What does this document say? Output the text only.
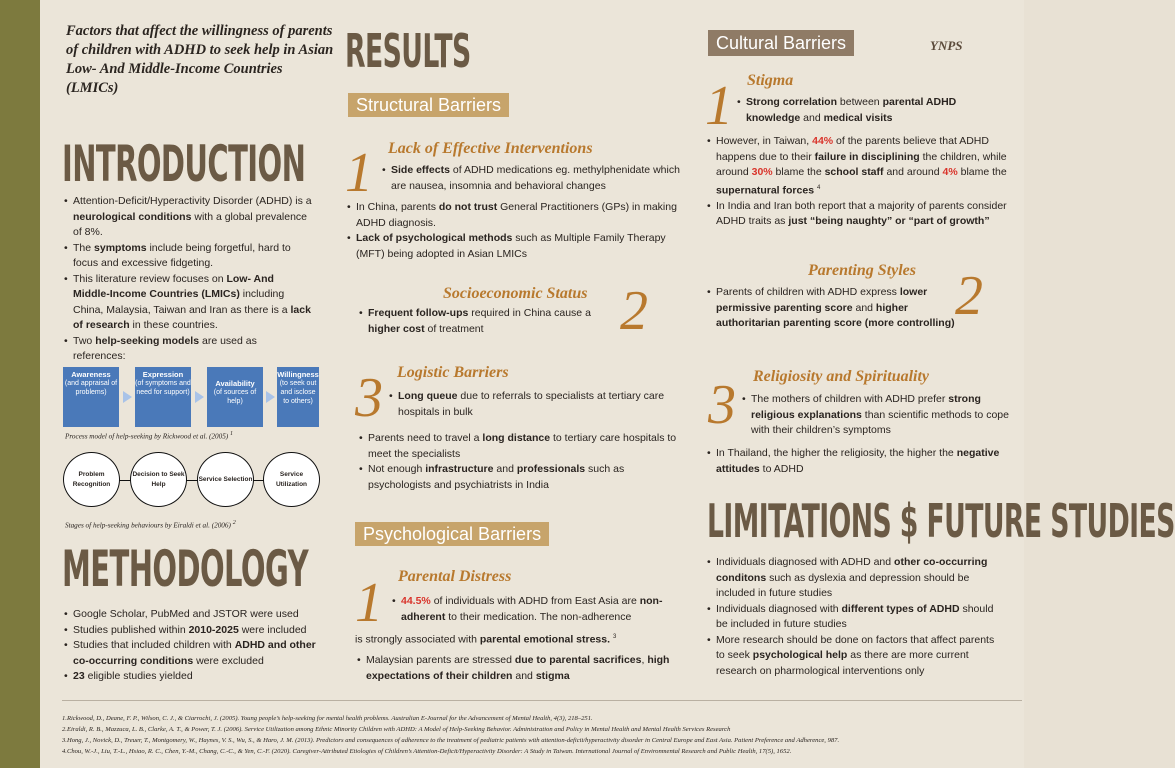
Factors that affect the willingness of parents of children with ADHD to seek help in Asian Low- And Middle-Income Countries (LMICs)
INTRODUCTION
• Attention-Deficit/Hyperactivity Disorder (ADHD) is a neurological conditions with a global prevalence of 8%.
• The symptoms include being forgetful, hard to focus and excessive fidgeting.
• This literature review focuses on Low- And Middle-Income Countries (LMICs) including China, Malaysia, Taiwan and Iran as there is a lack of research in these countries.
• Two help-seeking models are used as references:
Awareness
(and appraisal of problems)
Expression
(of symptoms and need for support)
Availability
(of sources of help)
Willingness
(to seek out and isclose to others)
Process model of help-seeking by Rickwood et al. (2005) $^1$
Problem Recognition
Decision to Seek Help
Service Selection
Service Utilization
Stages of help-seeking behaviours by Eiraldi et al. (2006) $^2$
METHODOLOGY
• Google Scholar, PubMed and JSTOR were used
• Studies published within 2010-2025 were included
• Studies that included children with ADHD and other co-occurring conditions were excluded
• 23 eligible studies yielded
RESULTS
Structural Barriers
1 Lack of Effective Interventions
• Side effects of ADHD medications eg. methylphenidate which are nausea, insomnia and behavioral changes
• In China, parents do not trust General Practitioners (GPs) in making ADHD diagnosis.
• Lack of psychological methods such as Multiple Family Therapy (MFT) being adopted in Asian LMICs
Socioeconomic Status 2
• Frequent follow-ups required in China cause a higher cost of treatment
3 Logistic Barriers
• Long queue due to referrals to specialists at tertiary care hospitals in bulk
• Parents need to travel a long distance to tertiary care hospitals to meet the specialists
• Not enough infrastructure and professionals such as psychologists and psychiatrists in India
Psychological Barriers
1 Parental Distress
• 44.5% of individuals with ADHD from East Asia are non-adherent to their medication. The non-adherence
is strongly associated with parental emotional stress. $^3$
• Malaysian parents are stressed due to parental sacrifices, high expectations of their children and stigma
Cultural Barriers	YNPS
1 Stigma
• Strong correlation between parental ADHD knowledge and medical visits
• However, in Taiwan, 44% of the parents believe that ADHD happens due to their failure in disciplining the children, while around 30% blame the school staff and around 4% blame the supernatural forces $^4$
• In India and Iran both report that a majority of parents consider ADHD traits as just “being naughty” or “part of growth”
Parenting Styles 2
• Parents of children with ADHD express lower permissive parenting score and higher authoritarian parenting score (more controlling)
3 Religiosity and Spirituality
• The mothers of children with ADHD prefer strong religious explanations than scientific methods to cope with their children’s symptoms
• In Thailand, the higher the religiosity, the higher the negative attitudes to ADHD
LIMITATIONS $ FUTURE STUDIES
• Individuals diagnosed with ADHD and other co-occurring conditons such as dyslexia and depression should be included in future studies
• Individuals diagnosed with different types of ADHD should be included in future studies
• More research should be done on factors that affect parents to seek psychological help as there are more current research on pharmological interventions only
1.Rickwood, D., Deane, F. P., Wilson, C. J., & Ciarrochi, J. (2005). Young people’s help-seeking for mental health problems. Australian E-Journal for the Advancement of Mental Health, 4(3), 218–251.
2.Eiraldi, R. B., Mazzuca, L. B., Clarke, A. T., & Power, T. J. (2006). Service Utilization among Ethnic Minority Children with ADHD: A Model of Help-Seeking Behavior. Administration and Policy in Mental Health and Mental Health Services Research
3.Hong, J., Novick, D., Treuer, T., Montgomery, W., Haynes, V. S., Wu, S., & Haro, J. M. (2013). Predictors and consequences of adherence to the treatment of pediatric patients with attention-deficit/hyperactivity disorder in Central Europe and East Asia. Patient Preference and Adherence, 987.
4.Chou, W.-J., Liu, T.-L., Hsiao, R. C., Chen, Y.-M., Chang, C.-C., & Yen, C.-F. (2020). Caregiver-Attributed Etiologies of Children’s Attention-Deficit/Hyperactivity Disorder: A Study in Taiwan. International Journal of Environmental Research and Public Health, 17(5), 1652.
